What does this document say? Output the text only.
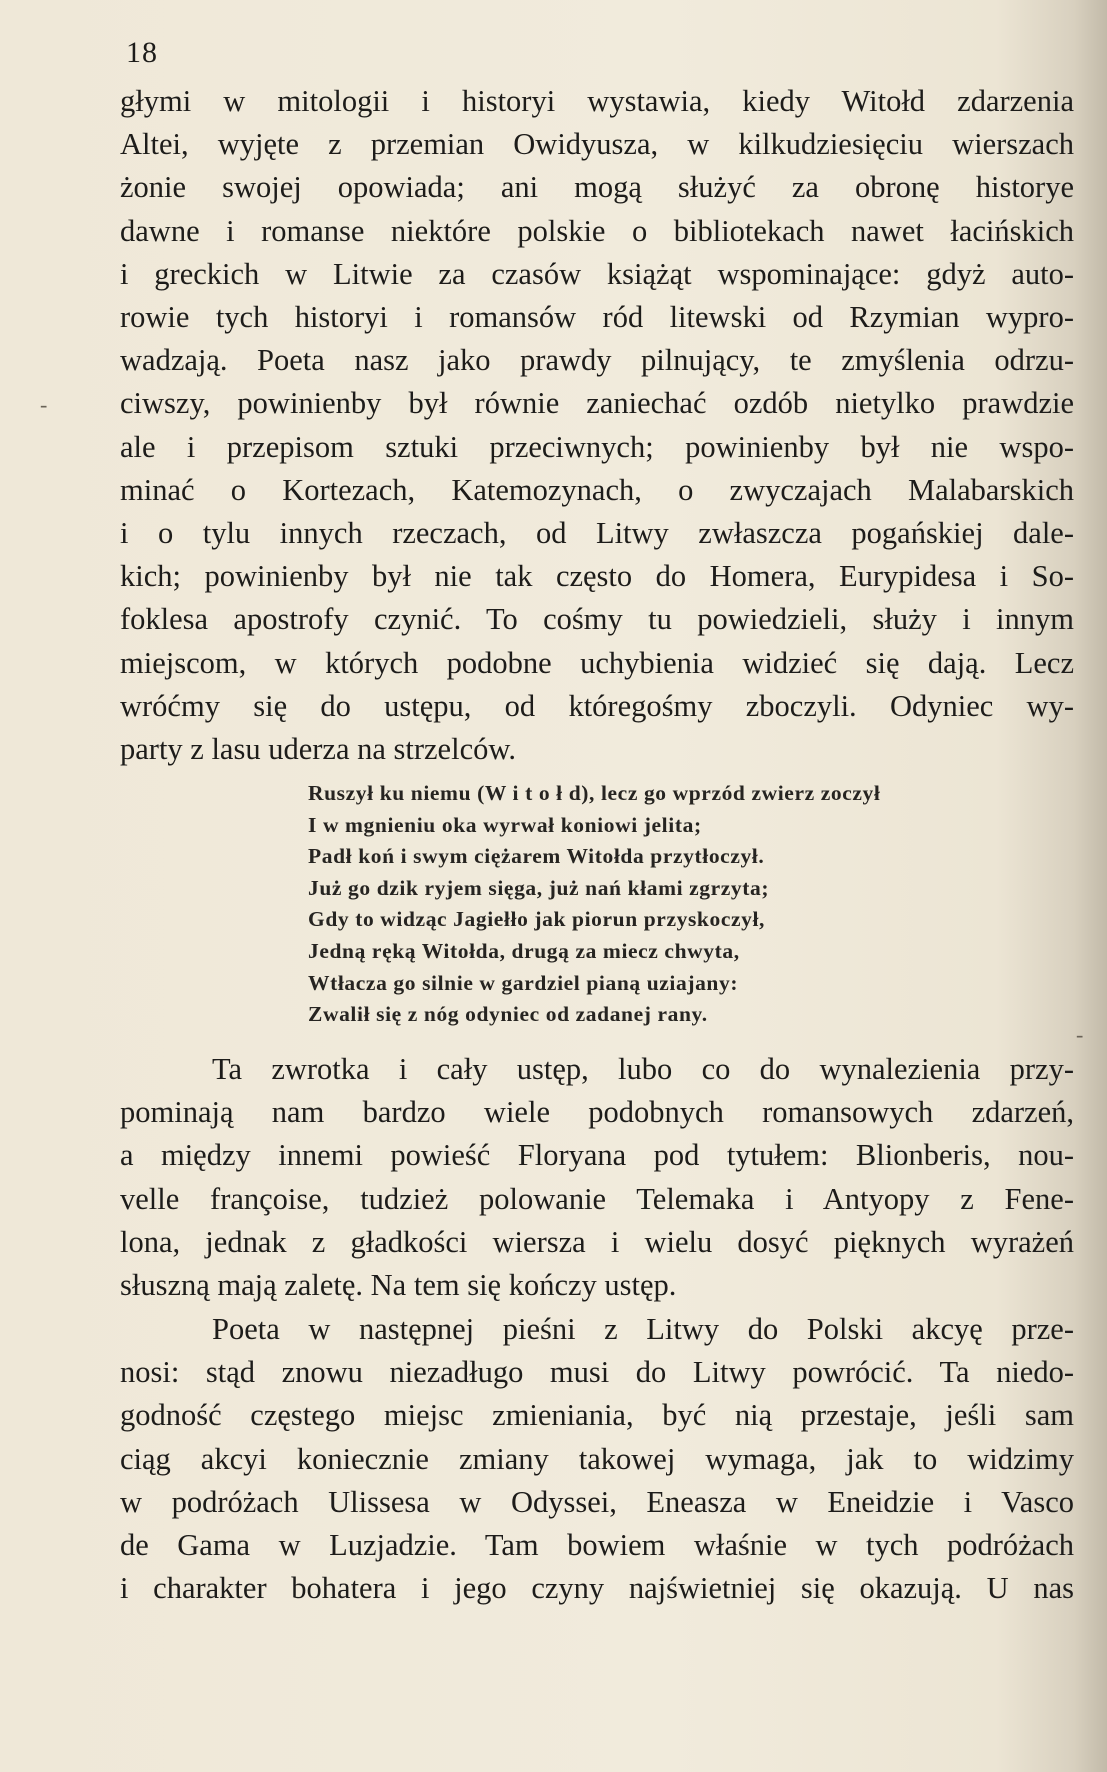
18
głymi w mitologii i historyi wystawia, kiedy Witołd zdarzenia
Altei, wyjęte z przemian Owidyusza, w kilkudziesięciu wierszach
żonie swojej opowiada; ani mogą służyć za obronę historye
dawne i romanse niektóre polskie o bibliotekach nawet łacińskich
i greckich w Litwie za czasów książąt wspominające: gdyż auto-
rowie tych historyi i romansów ród litewski od Rzymian wypro-
wadzają. Poeta nasz jako prawdy pilnujący, te zmyślenia odrzu-
ciwszy, powinienby był równie zaniechać ozdób nietylko prawdzie
ale i przepisom sztuki przeciwnych; powinienby był nie wspo-
minać o Kortezach, Katemozynach, o zwyczajach Malabarskich
i o tylu innych rzeczach, od Litwy zwłaszcza pogańskiej dale-
kich; powinienby był nie tak często do Homera, Eurypidesa i So-
foklesa apostrofy czynić. To cośmy tu powiedzieli, służy i innym
miejscom, w których podobne uchybienia widzieć się dają. Lecz
wróćmy się do ustępu, od któregośmy zboczyli. Odyniec wy-
party z lasu uderza na strzelców.
Ruszył ku niemu (W i t o ł d), lecz go wprzód zwierz zoczył
I w mgnieniu oka wyrwał koniowi jelita;
Padł koń i swym ciężarem Witołda przytłoczył.
Już go dzik ryjem sięga, już nań kłami zgrzyta;
Gdy to widząc Jagiełło jak piorun przyskoczył,
Jedną ręką Witołda, drugą za miecz chwyta,
Wtłacza go silnie w gardziel pianą uziajany:
Zwalił się z nóg odyniec od zadanej rany.
Ta zwrotka i cały ustęp, lubo co do wynalezienia przy-
pominają nam bardzo wiele podobnych romansowych zdarzeń,
a między innemi powieść Floryana pod tytułem: Blionberis, nou-
velle françoise, tudzież polowanie Telemaka i Antyopy z Fene-
lona, jednak z gładkości wiersza i wielu dosyć pięknych wyrażeń
słuszną mają zaletę. Na tem się kończy ustęp.
Poeta w następnej pieśni z Litwy do Polski akcyę prze-
nosi: stąd znowu niezadługo musi do Litwy powrócić. Ta niedo-
godność częstego miejsc zmieniania, być nią przestaje, jeśli sam
ciąg akcyi koniecznie zmiany takowej wymaga, jak to widzimy
w podróżach Ulissesa w Odyssei, Eneasza w Eneidzie i Vasco
de Gama w Luzjadzie. Tam bowiem właśnie w tych podróżach
i charakter bohatera i jego czyny najświetniej się okazują. U nas
-
-
